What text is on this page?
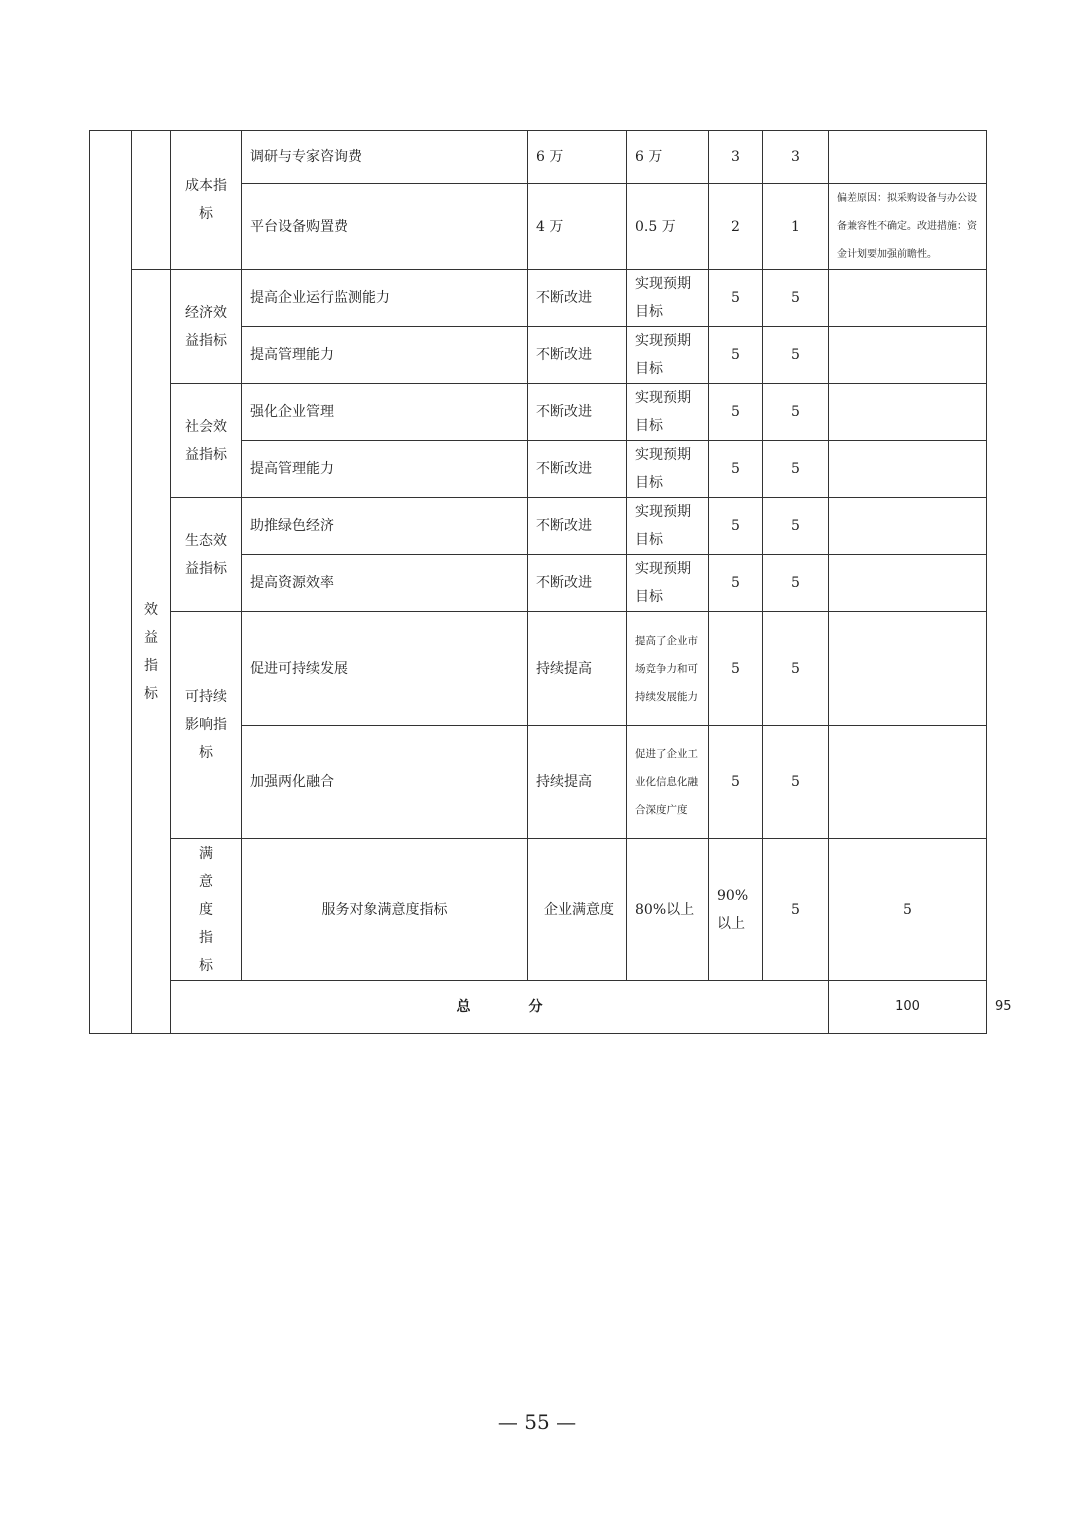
		成本指标	调研与专家咨询费	6 万	6 万	3	3		
			平台设备购置费	4 万	0.5 万	2	1	偏差原因：拟采购设备与办公设备兼容性不确定。改进措施：资金计划要加强前瞻性。	

	效益指标	经济效益指标	提高企业运行监测能力	不断改进	实现预期目标	5	5		
			提高管理能力	不断改进	实现预期目标	5	5		
		社会效益指标	强化企业管理	不断改进	实现预期目标	5	5		
			提高管理能力	不断改进	实现预期目标	5	5		
		生态效益指标	助推绿色经济	不断改进	实现预期目标	5	5		
			提高资源效率	不断改进	实现预期目标	5	5		
		可持续影响指标	促进可持续发展	持续提高	提高了企业市场竞争力和可持续发展能力	5	5		
			加强两化融合	持续提高	促进了企业工业化信息化融合深度广度	5	5		

		满意度指标	服务对象满意度指标	企业满意度	80%以上	90%以上	5	5	
		总 分						100	95	
— 55 —
